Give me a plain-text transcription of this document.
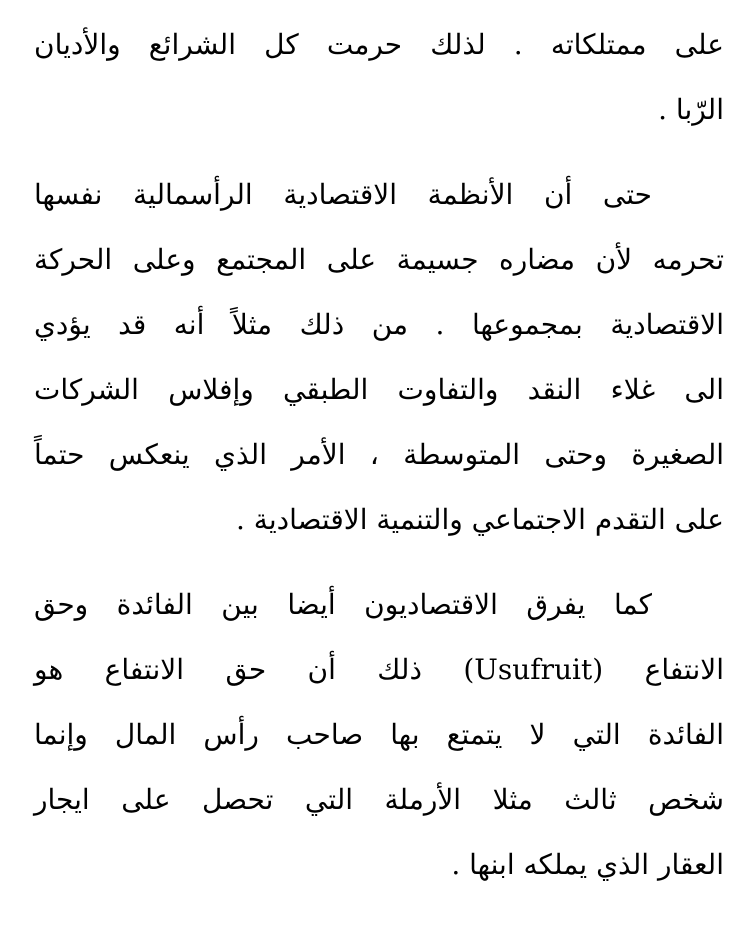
على ممتلكاته . لذلك حرمت كل الشرائع والأديان
الرّبا .
حتى أن الأنظمة الاقتصادية الرأسمالية نفسها
تحرمه لأن مضاره جسيمة على المجتمع وعلى الحركة
الاقتصادية بمجموعها . من ذلك مثلاً أنه قد يؤدي
الى غلاء النقد والتفاوت الطبقي وإفلاس الشركات
الصغيرة وحتى المتوسطة ، الأمر الذي ينعكس حتماً
على التقدم الاجتماعي والتنمية الاقتصادية .
كما يفرق الاقتصاديون أيضا بين الفائدة وحق
الانتفاع (Usufruit) ذلك أن حق الانتفاع هو
الفائدة التي لا يتمتع بها صاحب رأس المال وإنما
شخص ثالث مثلا الأرملة التي تحصل على ايجار
العقار الذي يملكه ابنها .
